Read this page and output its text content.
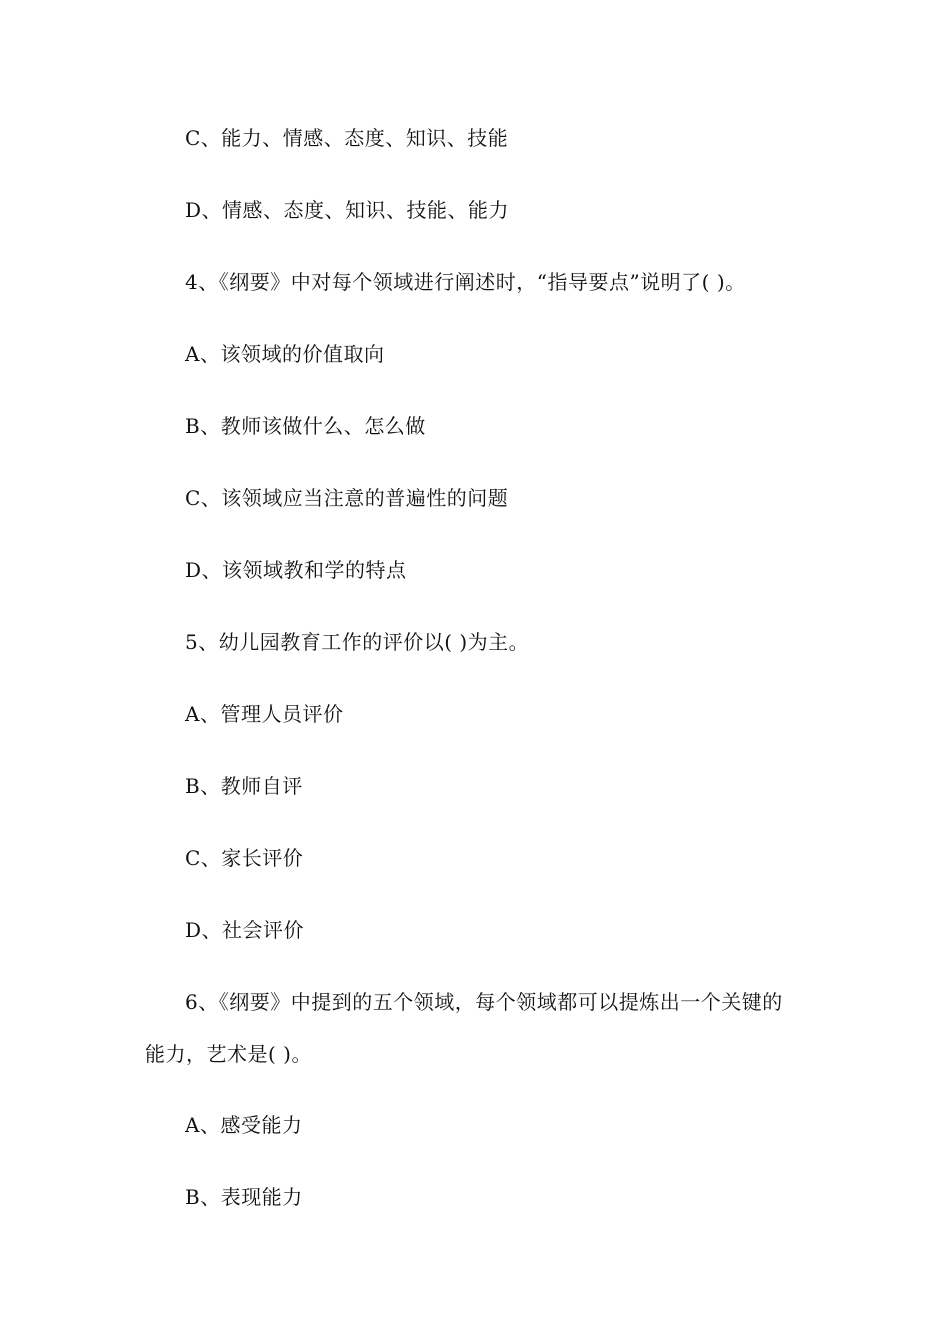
C、能力、情感、态度、知识、技能
D、情感、态度、知识、技能、能力
4、《纲要》中对每个领域进行阐述时，“指导要点”说明了( )。
A、该领域的价值取向
B、教师该做什么、怎么做
C、该领域应当注意的普遍性的问题
D、该领域教和学的特点
5、幼儿园教育工作的评价以( )为主。
A、管理人员评价
B、教师自评
C、家长评价
D、社会评价
6、《纲要》中提到的五个领域，每个领域都可以提炼出一个关键的
能力，艺术是( )。
A、感受能力
B、表现能力
